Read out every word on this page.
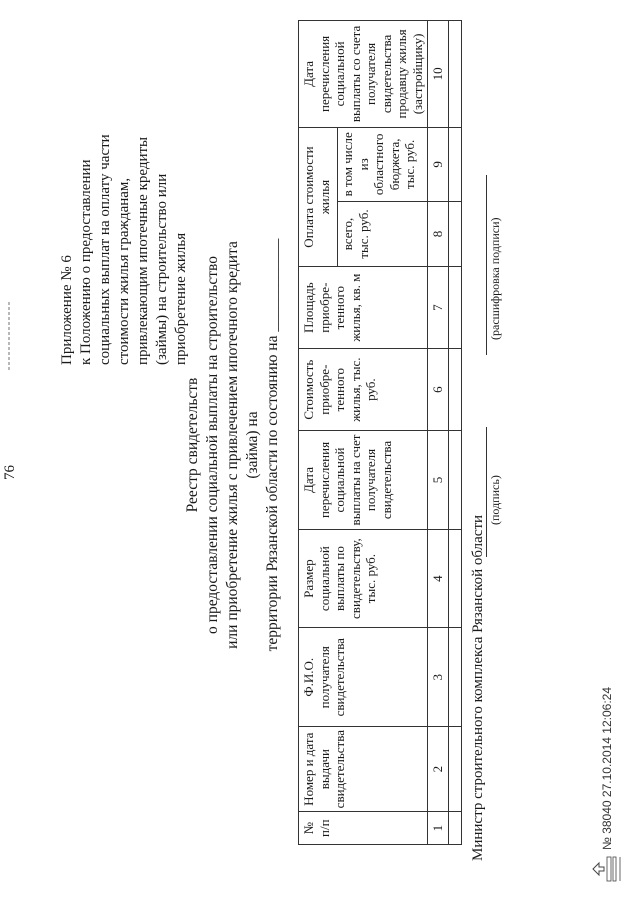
76
Приложение № 6 к Положению о предоставлении социальных выплат на оплату части стоимости жилья гражданам, привлекающим ипотечные кредиты (займы) на строительство или приобретение жилья
Реестр свидетельств о предоставлении социальной выплаты на строительство или приобретение жилья с привлечением ипотечного кредита (займа) на территории Рязанской области по состоянию на ____________
№ п/п	Номер и дата выдачи свидетельства	Ф.И.О. получателя свидетельства	Размер социальной выплаты по свидетельству, тыс. руб.	Дата перечисления социальной выплаты на счет получателя свидетельства	Стоимость приобре-тенного жилья, тыс. руб.	Площадь приобре-тенного жилья, кв. м	Оплата стоимости жилья		Дата перечисления социальной выплаты со счета получателя свидетельства продавцу жилья (застройщику)
							всего, тыс. руб.	в том числе из областного бюджета, тыс. руб.	
1	2	3	4	5	6	7	8	9	10

Министр строительного комплекса Рязанской области
(подпись)
(расшифровка подписи)
№ 38040 27.10.2014 12:06:24
